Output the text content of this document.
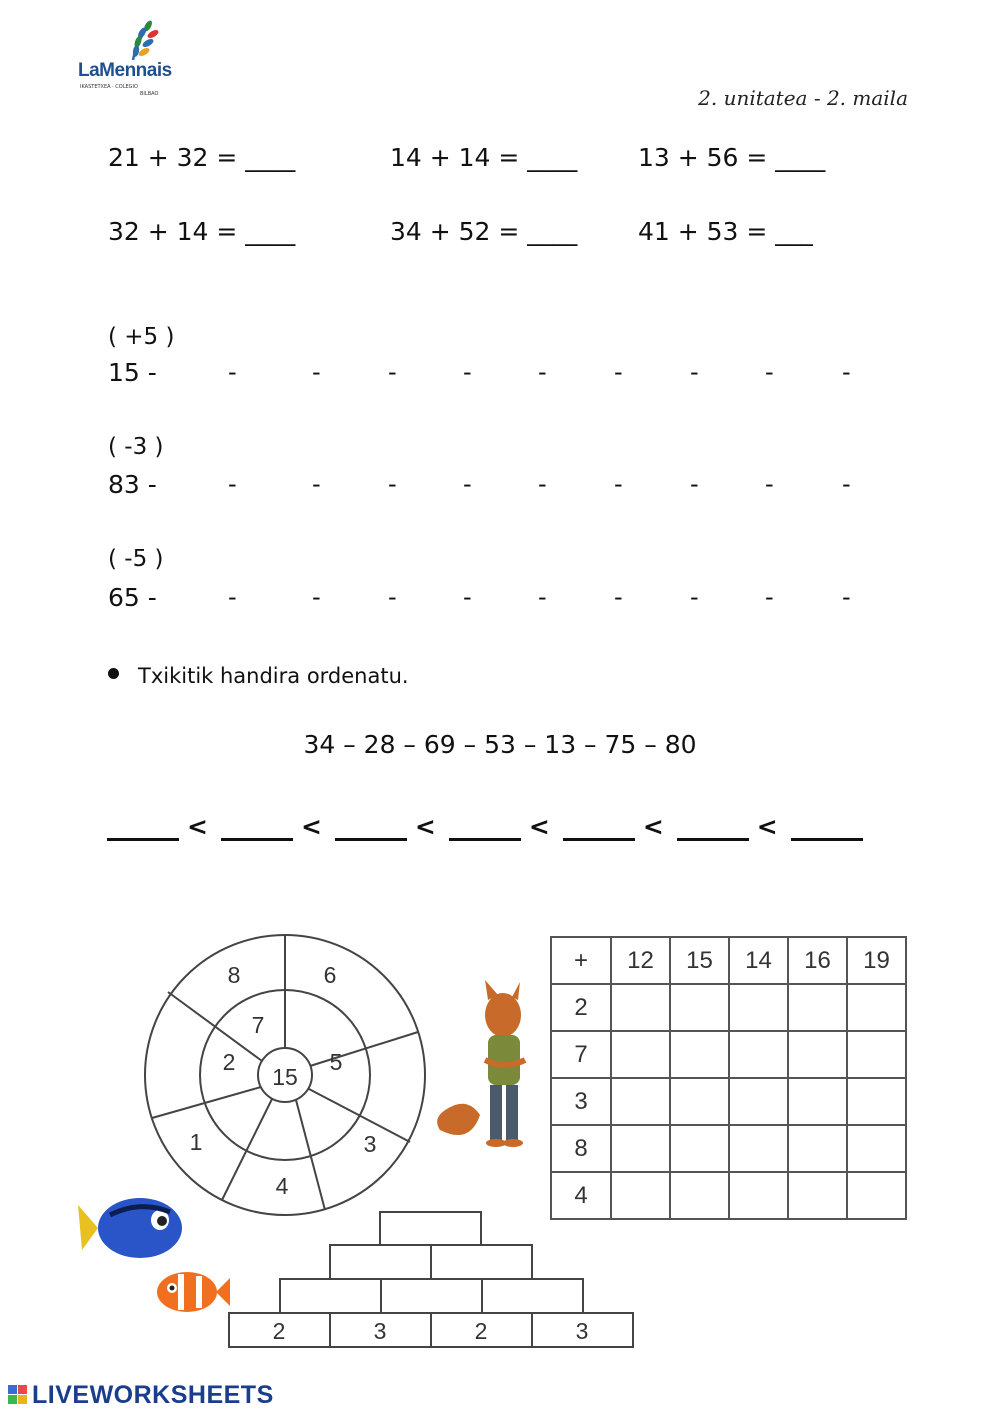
LaMennais
IKASTETXEA · COLEGIO
BILBAO	2. unitatea - 2. maila
21 + 32 = ____	14 + 14 = ____ 13 + 56 = ____
32 + 14 = ____	34 + 52 = ____ 41 + 53 = ___
( +5 )
15 -
( -3 )
83 -
( -5 )
65 -
-	-	-	-	-	-	-	-	-
-	-	-	-	-	-	-	-	-
-	-	-	-	-	-	-	-	-
Txikitik handira ordenatu.
34 – 28 – 69 – 53 – 13 – 75 – 80
<	<	<	<	<	<
15
7
5
2
8	6
1	3
4
2	3	2	3
+	12	15	14	16	19
2					
7					
3					
8					
4					
LIVEWORKSHEETS
